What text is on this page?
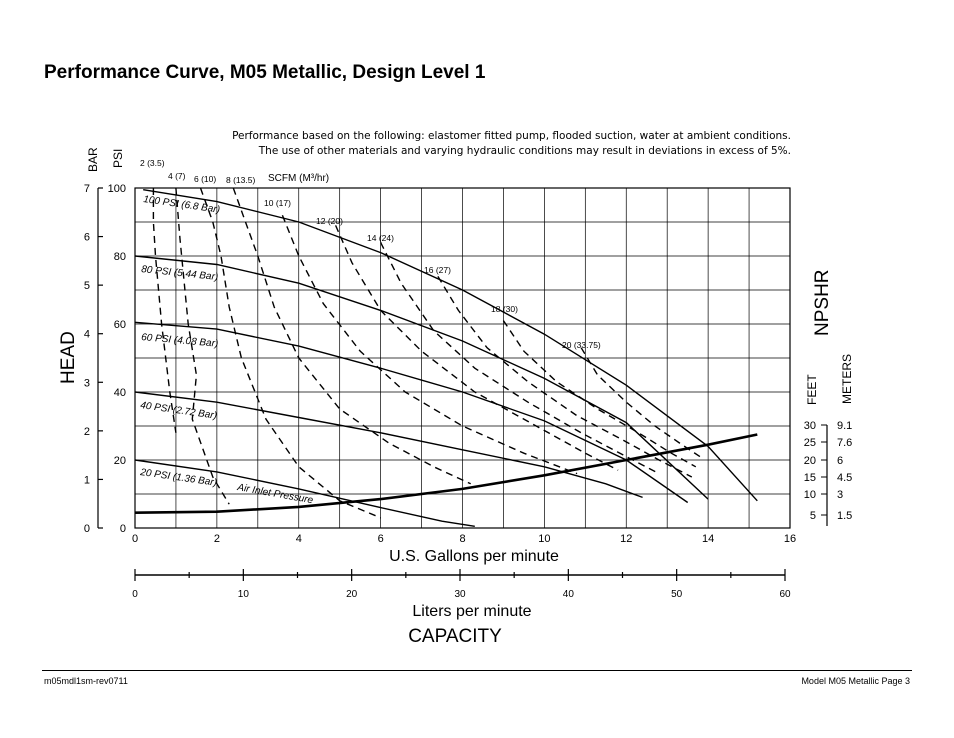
Performance Curve, M05 Metallic, Design Level 1
Performance based on the following: elastomer fitted pump, flooded suction, water at ambient conditions.
The use of other materials and varying hydraulic conditions may result in deviations in excess of 5%.
0	2	4	6	8	10	12	14	16
U.S. Gallons per minute
0	10	20	30	40	50	60
Liters per minute
CAPACITY
0
20
40
60
80
100
PSI
0
1
2
3
4
5
6
7
BAR
HEAD
NPSHR
FEET METERS
30
25
20
15
10
5
9.1
7.6
6
4.5
3
1.5
100 PSI (6.8 Bar)
80 PSI (5.44 Bar)
60 PSI (4.08 Bar)
40 PSI (2.72 Bar)
20 PSI (1.36 Bar)
Air Inlet Pressure
2 (3.5)
4 (7) 6 (10) 8 (13.5)
10 (17)
12 (20)
14 (24)
16 (27)
18 (30)
20 (33.75)
SCFM (M³/hr)
m05mdl1sm-rev0711	Model M05 Metallic Page 3
